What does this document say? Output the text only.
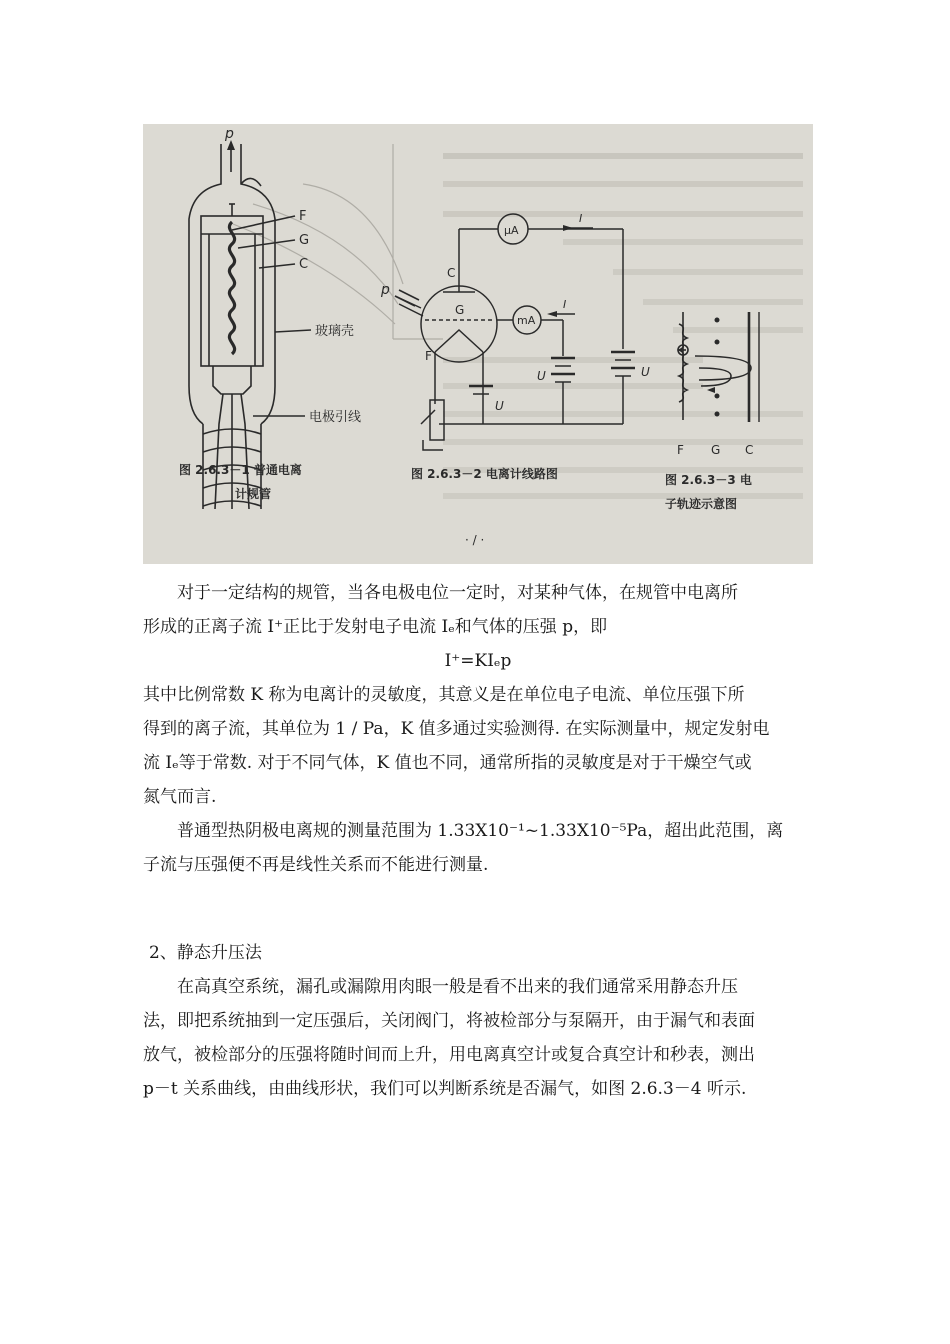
p
F
G
C
玻璃壳
电极引线
图 2.6.3－1 普通电离
计规管
p
C
G
F
μA
mA
I
I
U	U
U
图 2.6.3－2 电离计线路图
F G C
图 2.6.3－3 电
子轨迹示意图
· / ·

对于一定结构的规管，当各电极电位一定时，对某种气体，在规管中电离所

形成的正离子流 I⁺正比于发射电子电流 Iₑ和气体的压强 p，即

I⁺=KIₑp

其中比例常数 K 称为电离计的灵敏度，其意义是在单位电子电流、单位压强下所

得到的离子流，其单位为 1 / Pa，K 值多通过实验测得. 在实际测量中，规定发射电

流 Iₑ等于常数. 对于不同气体，K 值也不同，通常所指的灵敏度是对于干燥空气或

氮气而言.

普通型热阴极电离规的测量范围为 1.33X10⁻¹~1.33X10⁻⁵Pa，超出此范围，离

子流与压强便不再是线性关系而不能进行测量.

2、静态升压法

在高真空系统，漏孔或漏隙用肉眼一般是看不出来的我们通常采用静态升压

法，即把系统抽到一定压强后，关闭阀门，将被检部分与泵隔开，由于漏气和表面

放气，被检部分的压强将随时间而上升，用电离真空计或复合真空计和秒表，测出

p－t 关系曲线，由曲线形状，我们可以判断系统是否漏气，如图 2.6.3－4 听示.
